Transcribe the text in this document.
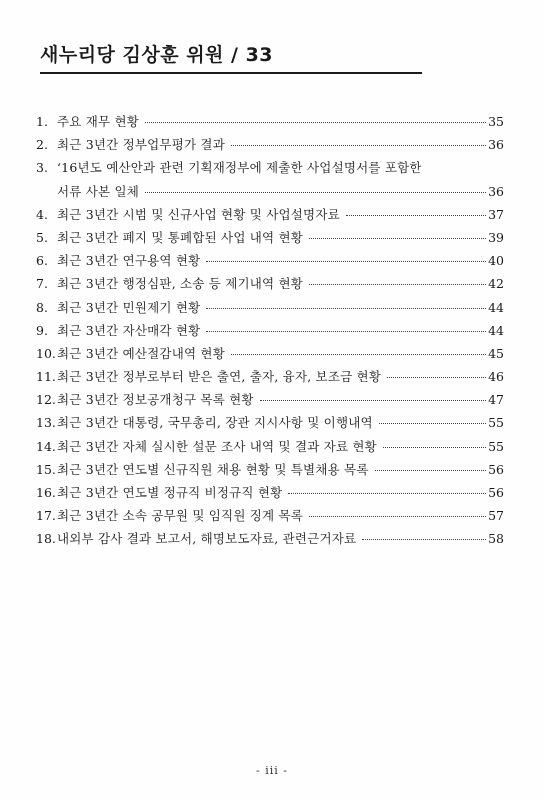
새누리당 김상훈 위원 / 33
1. 주요 재무 현황	35
2. 최근 3년간 정부업무평가 결과	36
3. ‘16년도 예산안과 관련 기획재정부에 제출한 사업설명서를 포함한
서류 사본 일체	36
4. 최근 3년간 시범 및 신규사업 현황 및 사업설명자료	37
5. 최근 3년간 폐지 및 통폐합된 사업 내역 현황	39
6. 최근 3년간 연구용역 현황	40
7. 최근 3년간 행정심판, 소송 등 제기내역 현황	42
8. 최근 3년간 민원제기 현황	44
9. 최근 3년간 자산매각 현황	44
10. 최근 3년간 예산절감내역 현황	45
11. 최근 3년간 정부로부터 받은 출연, 출자, 융자, 보조금 현황	46
12. 최근 3년간 정보공개청구 목록 현황	47
13. 최근 3년간 대통령, 국무총리, 장관 지시사항 및 이행내역	55
14. 최근 3년간 자체 실시한 설문 조사 내역 및 결과 자료 현황	55
15. 최근 3년간 연도별 신규직원 채용 현황 및 특별채용 목록	56
16. 최근 3년간 연도별 정규직 비정규직 현황	56
17. 최근 3년간 소속 공무원 및 임직원 징계 목록	57
18. 내외부 감사 결과 보고서, 해명보도자료, 관련근거자료	58
- iii -
